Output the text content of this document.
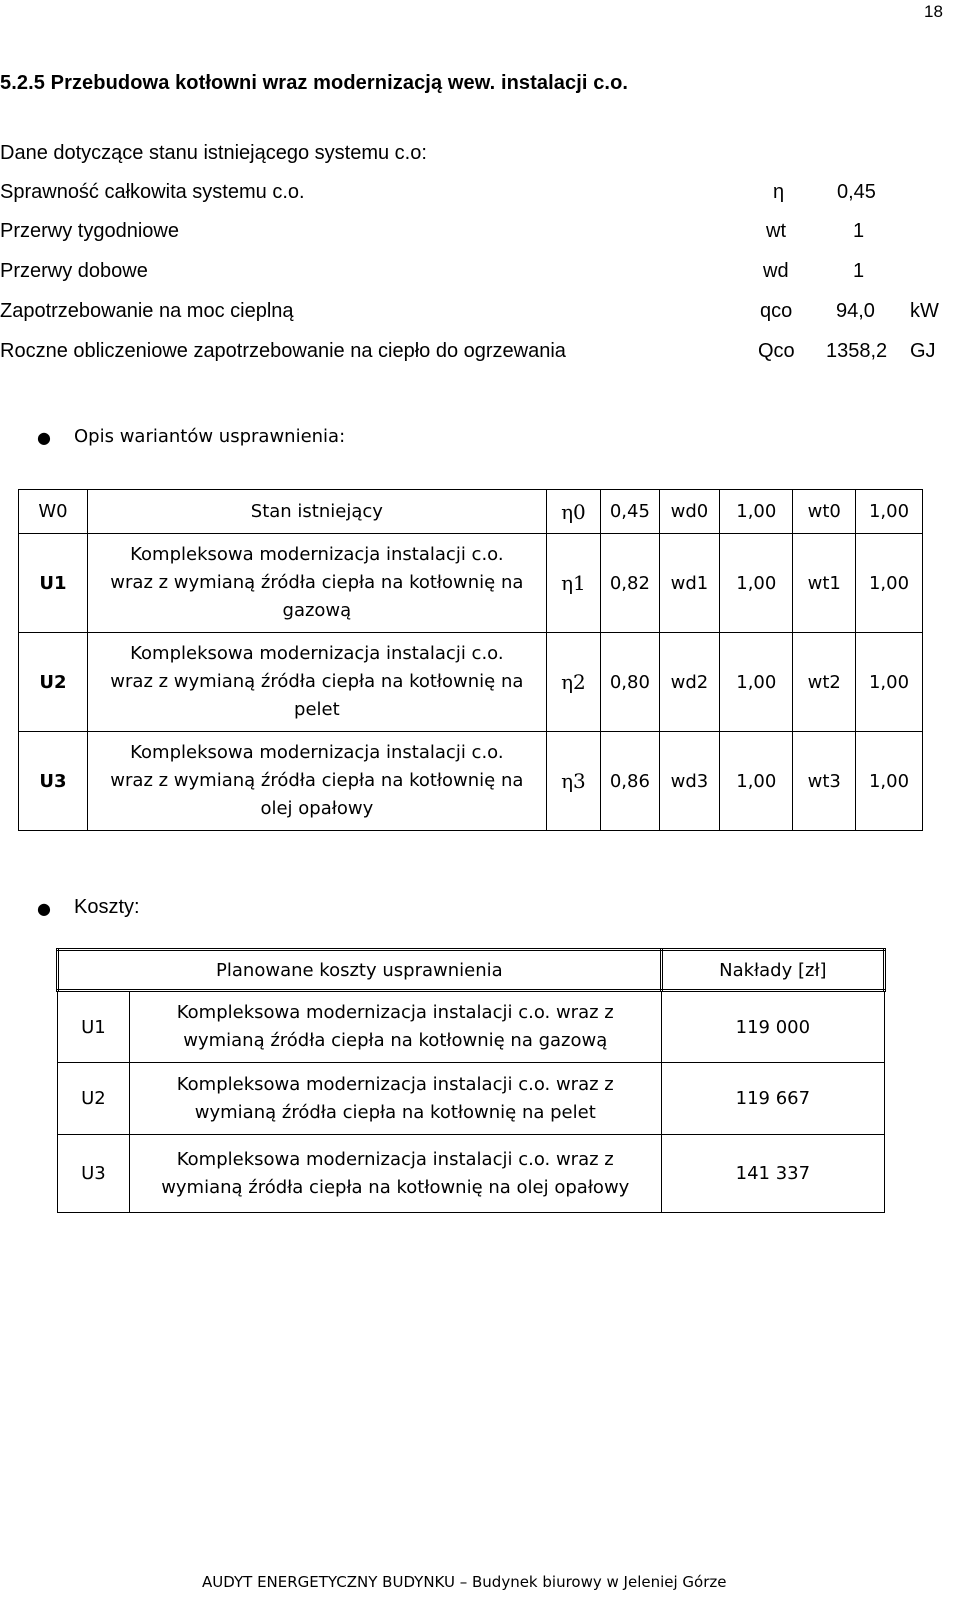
18
5.2.5 Przebudowa kotłowni wraz modernizacją wew. instalacji c.o.
Dane dotyczące stanu istniejącego systemu c.o:
Sprawność całkowita systemu c.o.	η	0,45
Przerwy tygodniowe	wt	1
Przerwy dobowe	wd	1
Zapotrzebowanie na moc cieplną	qco 94,0 kW
Roczne obliczeniowe zapotrzebowanie na ciepło do ogrzewania	Qco 1358,2 GJ
● Opis wariantów usprawnienia:
W0	Stan istniejący	η0	0,45	wd0	1,00	wt0	1,00
U1	Kompleksowa modernizacja instalacji c.o.
wraz z wymianą źródła ciepła na kotłownię na
gazową	η1	0,82	wd1	1,00	wt1	1,00
U2	Kompleksowa modernizacja instalacji c.o.
wraz z wymianą źródła ciepła na kotłownię na
pelet	η2	0,80	wd2	1,00	wt2	1,00
U3	Kompleksowa modernizacja instalacji c.o.
wraz z wymianą źródła ciepła na kotłownię na
olej opałowy	η3	0,86	wd3	1,00	wt3	1,00
● Koszty:
Planowane koszty usprawnienia		Nakłady [zł]
U1	Kompleksowa modernizacja instalacji c.o. wraz z
wymianą źródła ciepła na kotłownię na gazową	119 000
U2	Kompleksowa modernizacja instalacji c.o. wraz z
wymianą źródła ciepła na kotłownię na pelet	119 667
U3	Kompleksowa modernizacja instalacji c.o. wraz z
wymianą źródła ciepła na kotłownię na olej opałowy	141 337
AUDYT ENERGETYCZNY BUDYNKU – Budynek biurowy w Jeleniej Górze
